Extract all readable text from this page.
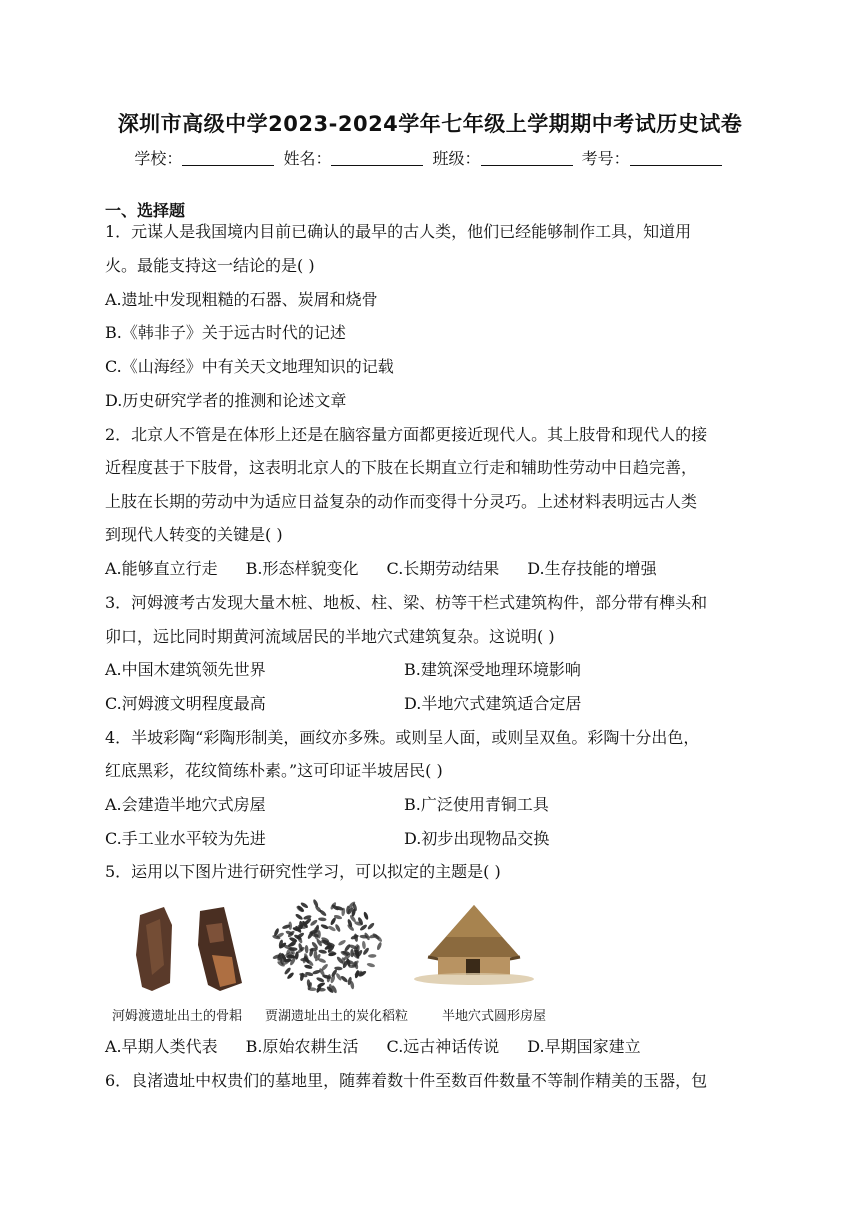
深圳市高级中学2023-2024学年七年级上学期期中考试历史试卷
学校：	姓名：	班级：	考号：
一、选择题
1．元谋人是我国境内目前已确认的最早的古人类，他们已经能够制作工具，知道用
火。最能支持这一结论的是( )
A.遗址中发现粗糙的石器、炭屑和烧骨
B.《韩非子》关于远古时代的记述
C.《山海经》中有关天文地理知识的记载
D.历史研究学者的推测和论述文章
2．北京人不管是在体形上还是在脑容量方面都更接近现代人。其上肢骨和现代人的接
近程度甚于下肢骨，这表明北京人的下肢在长期直立行走和辅助性劳动中日趋完善，
上肢在长期的劳动中为适应日益复杂的动作而变得十分灵巧。上述材料表明远古人类
到现代人转变的关键是( )
A.能够直立行走 B.形态样貌变化 C.长期劳动结果 D.生存技能的增强
3．河姆渡考古发现大量木桩、地板、柱、梁、枋等干栏式建筑构件，部分带有榫头和
卯口，远比同时期黄河流域居民的半地穴式建筑复杂。这说明( )
A.中国木建筑领先世界	B.建筑深受地理环境影响
C.河姆渡文明程度最高	D.半地穴式建筑适合定居
4．半坡彩陶“彩陶形制美，画纹亦多殊。或则呈人面，或则呈双鱼。彩陶十分出色，
红底黑彩，花纹简练朴素。”这可印证半坡居民( )
A.会建造半地穴式房屋	B.广泛使用青铜工具
C.手工业水平较为先进	D.初步出现物品交换
5．运用以下图片进行研究性学习，可以拟定的主题是( )
河姆渡遗址出土的骨耜 贾湖遗址出土的炭化稻粒	半地穴式圆形房屋
A.早期人类代表 B.原始农耕生活 C.远古神话传说 D.早期国家建立
6．良渚遗址中权贵们的墓地里，随葬着数十件至数百件数量不等制作精美的玉器，包
